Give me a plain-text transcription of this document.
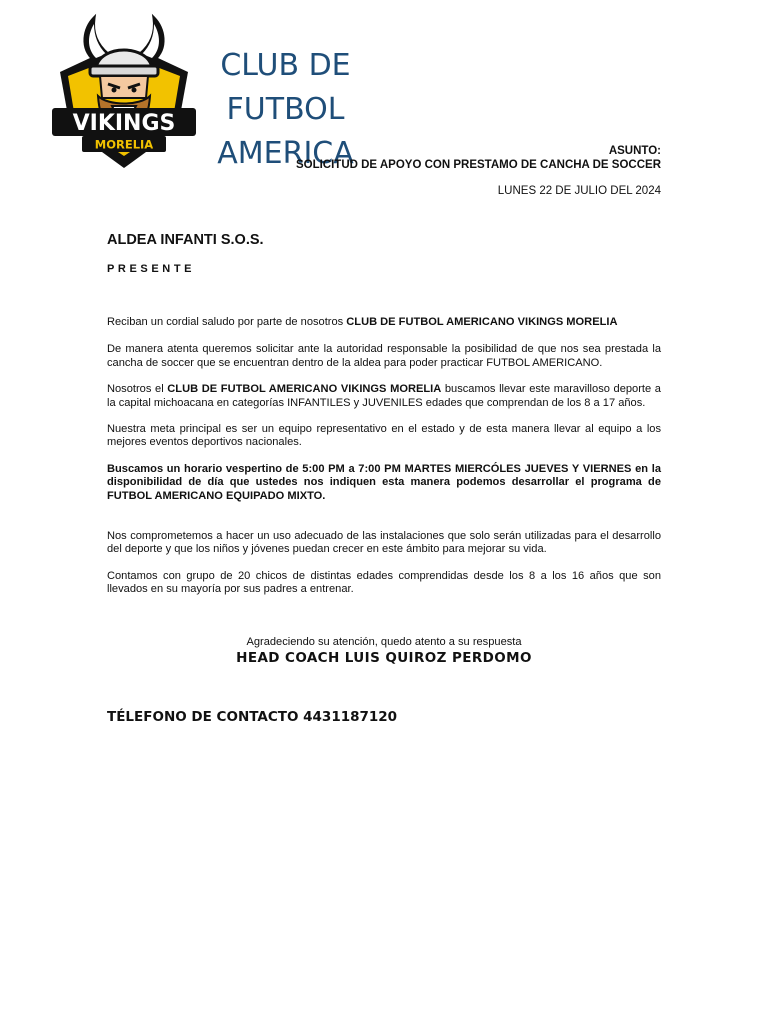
VIKINGS
MORELIA
CLUB DE
FUTBOL
AMERICA	ASUNTO:
SOLICITUD DE APOYO CON PRESTAMO DE CANCHA DE SOCCER
LUNES 22 DE JULIO DEL 2024
ALDEA INFANTI S.O.S.
PRESENTE

Reciban un cordial saludo por parte de nosotros CLUB DE FUTBOL AMERICANO VIKINGS MORELIA

De manera atenta queremos solicitar ante la autoridad responsable la posibilidad de que nos sea prestada la cancha de soccer que se encuentran dentro de la aldea para poder practicar FUTBOL AMERICANO.

Nosotros el CLUB DE FUTBOL AMERICANO VIKINGS MORELIA buscamos llevar este maravilloso deporte a la capital michoacana en categorías INFANTILES y JUVENILES edades que comprendan de los 8 a 17 años.

Nuestra meta principal es ser un equipo representativo en el estado y de esta manera llevar al equipo a los mejores eventos deportivos nacionales.

Buscamos un horario vespertino de 5:00 PM a 7:00 PM MARTES MIERCÓLES JUEVES Y VIERNES en la disponibilidad de día que ustedes nos indiquen esta manera podemos desarrollar el programa de FUTBOL AMERICANO EQUIPADO MIXTO.

Nos comprometemos a hacer un uso adecuado de las instalaciones que solo serán utilizadas para el desarrollo del deporte y que los niños y jóvenes puedan crecer en este ámbito para mejorar su vida.

Contamos con grupo de 20 chicos de distintas edades comprendidas desde los 8 a los 16 años que son llevados en su mayoría por sus padres a entrenar.

Agradeciendo su atención, quedo atento a su respuesta
HEAD COACH LUIS QUIROZ PERDOMO
TÉLEFONO DE CONTACTO 4431187120
